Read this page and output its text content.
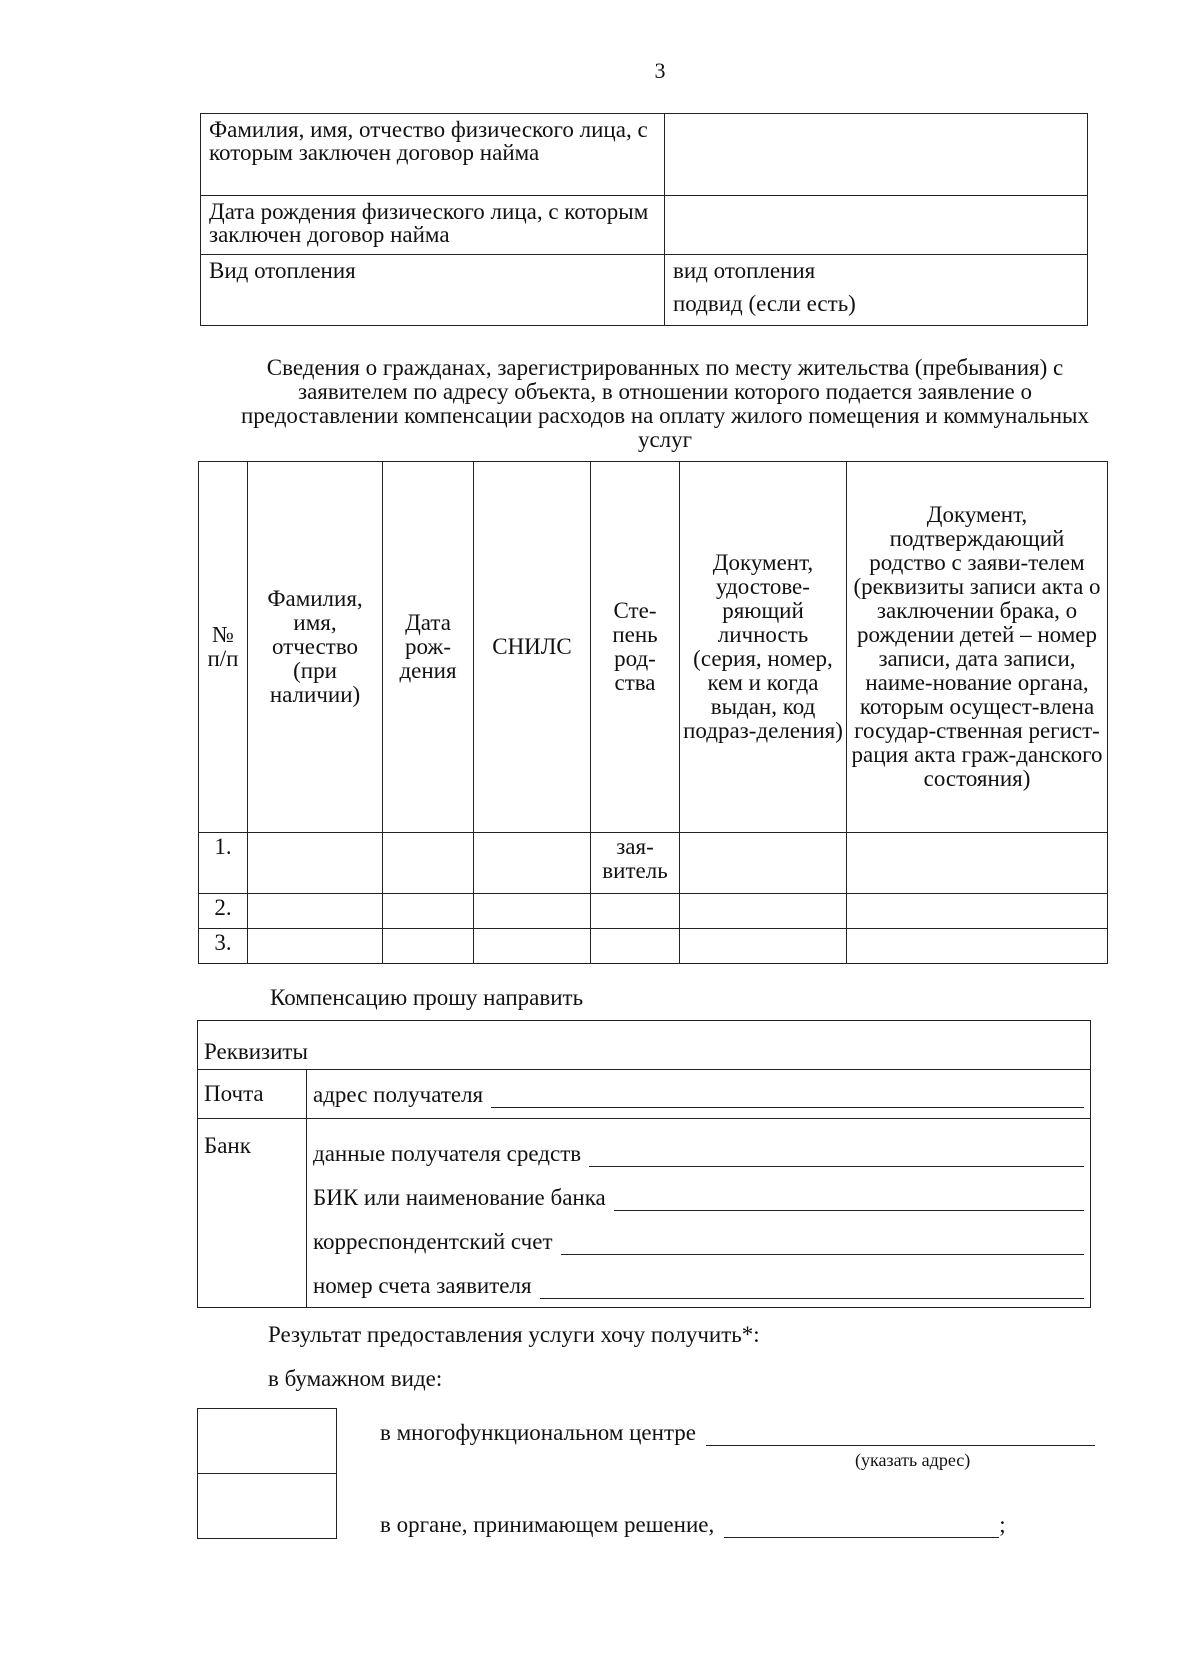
3
Фамилия, имя, отчество физического лица, с которым заключен договор найма	
Дата рождения физического лица, с которым заключен договор найма	
Вид отопления	вид отопления
подвид (если есть)
Сведения о гражданах, зарегистрированных по месту жительства (пребывания) с заявителем по адресу объекта, в отношении которого подается заявление о предоставлении компенсации расходов на оплату жилого помещения и коммунальных услуг
№ п/п	Фамилия, имя, отчество (при наличии)	Дата рож-дения	СНИЛС	Сте-пень род-ства	Документ, удостове-ряющий личность (серия, номер, кем и когда выдан, код подраз-деления)	Документ, подтверждающий родство с заяви-телем (реквизиты записи акта о заключении брака, о рождении детей – номер записи, дата записи, наиме-нование органа, которым осущест-влена государ-ственная регист-рация акта граж-данского состояния)
1.				зая-витель		
2.						
3.						
Компенсацию прошу направить
Реквизиты	
Почта	адрес получателя

Банк	данные получателя средств
БИК или наименование банка
корреспондентский счет
номер счета заявителя
Результат предоставления услуги хочу получить*:
в бумажном виде:
в многофункциональном центре
(указать адрес)
в органе, принимающем решение,	;
